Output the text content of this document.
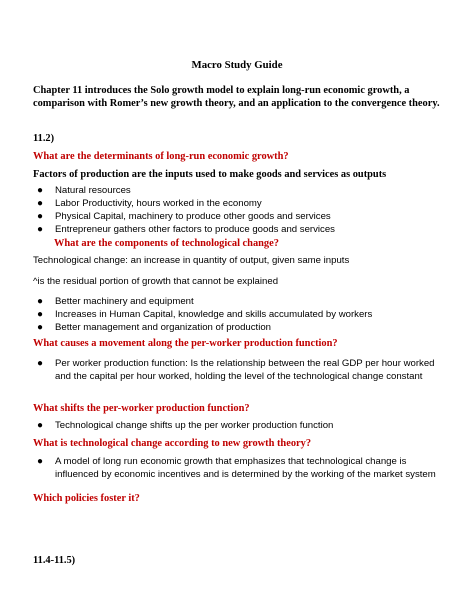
Macro Study Guide
Chapter 11 introduces the Solo growth model to explain long-run economic growth, a comparison with Romer’s new growth theory, and an application to the convergence theory.
11.2)
What are the determinants of long-run economic growth?
Factors of production are the inputs used to make goods and services as outputs
● Natural resources
● Labor Productivity, hours worked in the economy
● Physical Capital, machinery to produce other goods and services
● Entrepreneur gathers other factors to produce goods and services
What are the components of technological change?
Technological change: an increase in quantity of output, given same inputs
^is the residual portion of growth that cannot be explained
● Better machinery and equipment
● Increases in Human Capital, knowledge and skills accumulated by workers
● Better management and organization of production
What causes a movement along the per-worker production function?
● Per worker production function: Is the relationship between the real GDP per hour worked and the capital per hour worked, holding the level of the technological change constant
What shifts the per-worker production function?
● Technological change shifts up the per worker production function
What is technological change according to new growth theory?
● A model of long run economic growth that emphasizes that technological change is influenced by economic incentives and is determined by the working of the market system
Which policies foster it?
11.4-11.5)
